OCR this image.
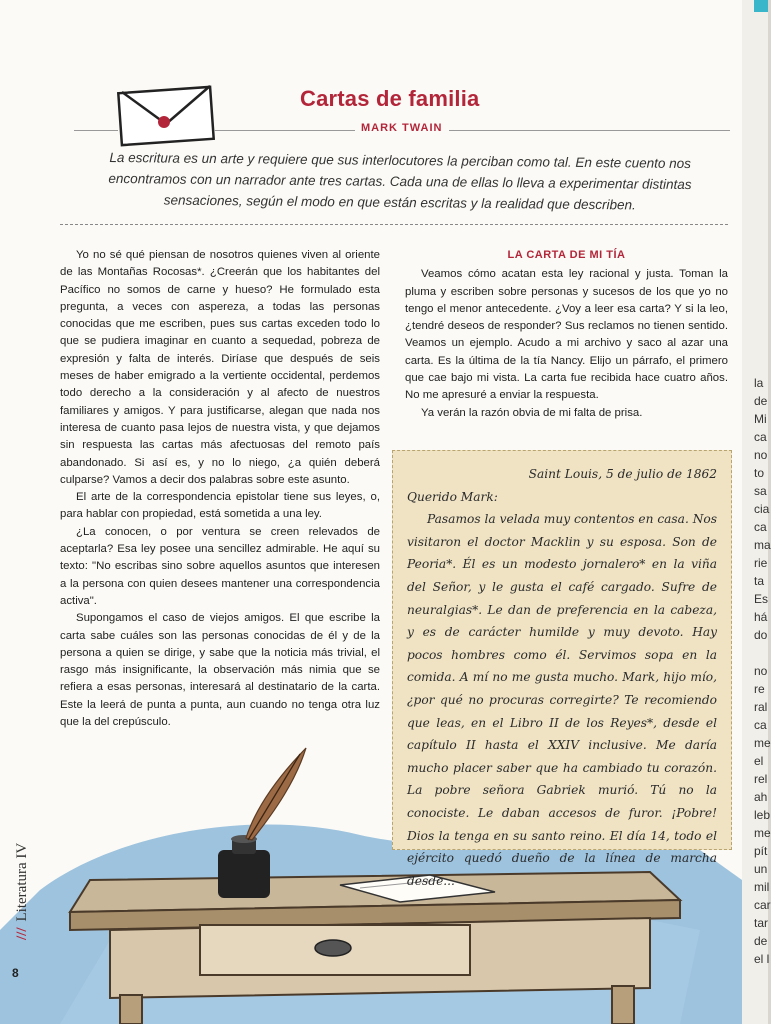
Cartas de familia
MARK TWAIN

La escritura es un arte y requiere que sus interlocutores la perciban como tal. En este cuento nos encontramos con un narrador ante tres cartas. Cada una de ellas lo lleva a experimentar distintas sensaciones, según el modo en que están escritas y la realidad que describen.

Yo no sé qué piensan de nosotros quienes viven al oriente de las Montañas Rocosas*. ¿Creerán que los habitantes del Pacífico no somos de carne y hueso? He formulado esta pregunta, a veces con aspereza, a todas las personas conocidas que me escriben, pues sus cartas exceden todo lo que se pudiera imaginar en cuanto a sequedad, pobreza de expresión y falta de interés. Diríase que después de seis meses de haber emigrado a la vertiente occidental, perdemos todo derecho a la consideración y al afecto de nuestros familiares y amigos. Y para justificarse, alegan que nada nos interesa de cuanto pasa lejos de nuestra vista, y que dejamos sin respuesta las cartas más afectuosas del remoto país abandonado. Si así es, y no lo niego, ¿a quién deberá culparse? Vamos a decir dos palabras sobre este asunto.

El arte de la correspondencia epistolar tiene sus leyes, o, para hablar con propiedad, está sometida a una ley.

¿La conocen, o por ventura se creen relevados de aceptarla? Esa ley posee una sencillez admirable. He aquí su texto: "No escribas sino sobre aquellos asuntos que interesen a la persona con quien desees mantener una correspondencia activa".

Supongamos el caso de viejos amigos. El que escribe la carta sabe cuáles son las personas conocidas de él y de la persona a quien se dirige, y sabe que la noticia más trivial, el rasgo más insignificante, la observación más nimia que se refiera a esas personas, interesará al destinatario de la carta. Este la leerá de punta a punta, aun cuando no tenga otra luz que la del crepúsculo.

LA CARTA DE MI TÍA

Veamos cómo acatan esta ley racional y justa. Toman la pluma y escriben sobre personas y sucesos de los que yo no tengo el menor antecedente. ¿Voy a leer esa carta? Y si la leo, ¿tendré deseos de responder? Sus reclamos no tienen sentido. Veamos un ejemplo. Acudo a mi archivo y saco al azar una carta. Es la última de la tía Nancy. Elijo un párrafo, el primero que cae bajo mi vista. La carta fue recibida hace cuatro años. No me apresuré a enviar la respuesta.

Ya verán la razón obvia de mi falta de prisa.

Saint Louis, 5 de julio de 1862

Querido Mark:

Pasamos la velada muy contentos en casa. Nos visitaron el doctor Macklin y su esposa. Son de Peoria*. Él es un modesto jornalero* en la viña del Señor, y le gusta el café cargado. Sufre de neuralgias*. Le dan de preferencia en la cabeza, y es de carácter humilde y muy devoto. Hay pocos hombres como él. Servimos sopa en la comida. A mí no me gusta mucho. Mark, hijo mío, ¿por qué no procuras corregirte? Te recomiendo que leas, en el Libro II de los Reyes*, desde el capítulo II hasta el XXIV inclusive. Me daría mucho placer saber que ha cambiado tu corazón. La pobre señora Gabriek murió. Tú no la conociste. Le daban accesos de furor. ¡Pobre! Dios la tenga en su santo reino. El día 14, todo el ejército quedó dueño de la línea de marcha desde...

///Literatura IV
8
la
de
Mi
ca
no
to
sa
cia
ca
ma
rie
ta
Es
há
do

no
re
ral
ca
me
el
rel
ah
leb
me
pít
un
mil
car
tar
de
el l
